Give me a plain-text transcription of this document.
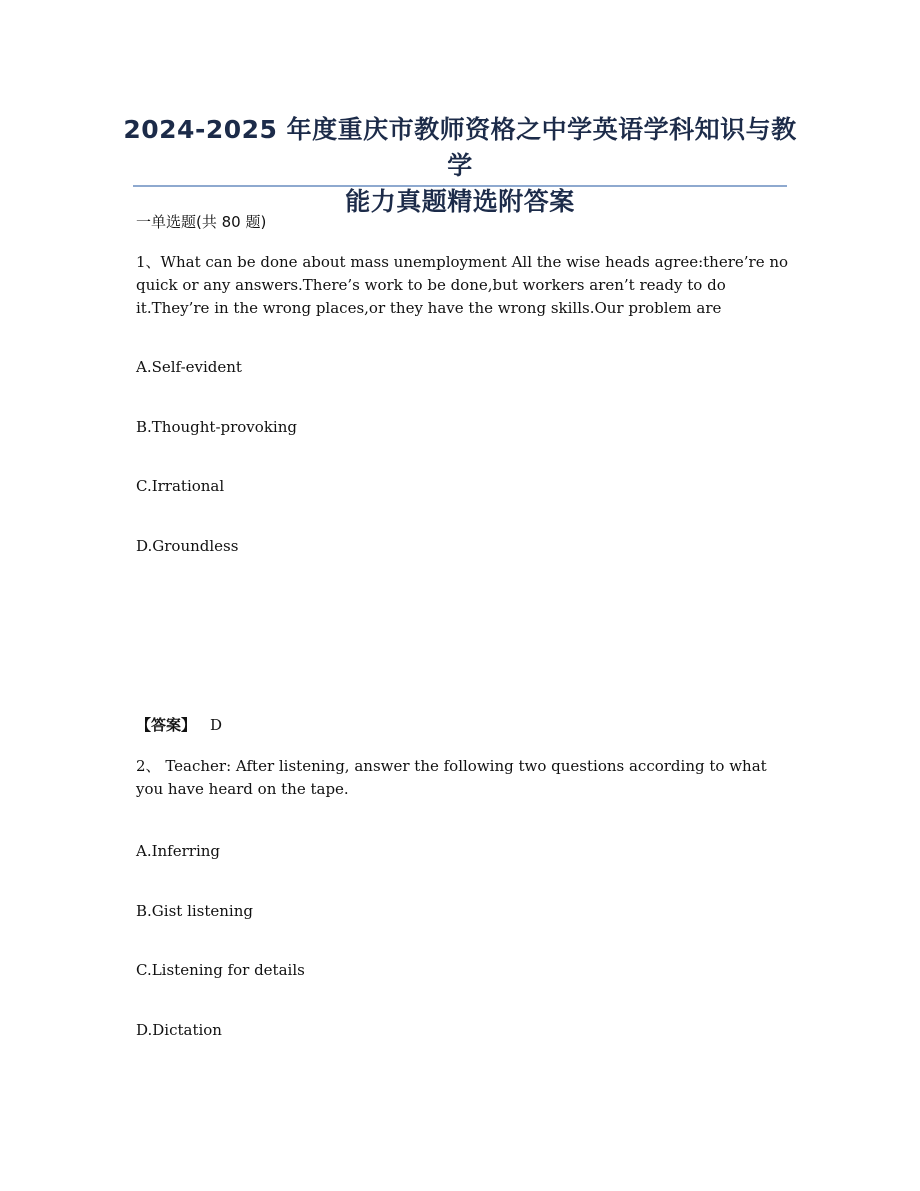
2024-2025 年度重庆市教师资格之中学英语学科知识与教学
能力真题精选附答案
一单选题(共 80 题)
1、What can be done about mass unemployment All the wise heads agree:there’re no quick or any answers.There’s work to be done,but workers aren’t ready to do it.They’re in the wrong places,or they have the wrong skills.Our problem are
A.Self-evident
B.Thought-provoking
C.Irrational
D.Groundless
【答案】 D
2、 Teacher: After listening, answer the following two questions according to what you have heard on the tape.
A.Inferring
B.Gist listening
C.Listening for details
D.Dictation
